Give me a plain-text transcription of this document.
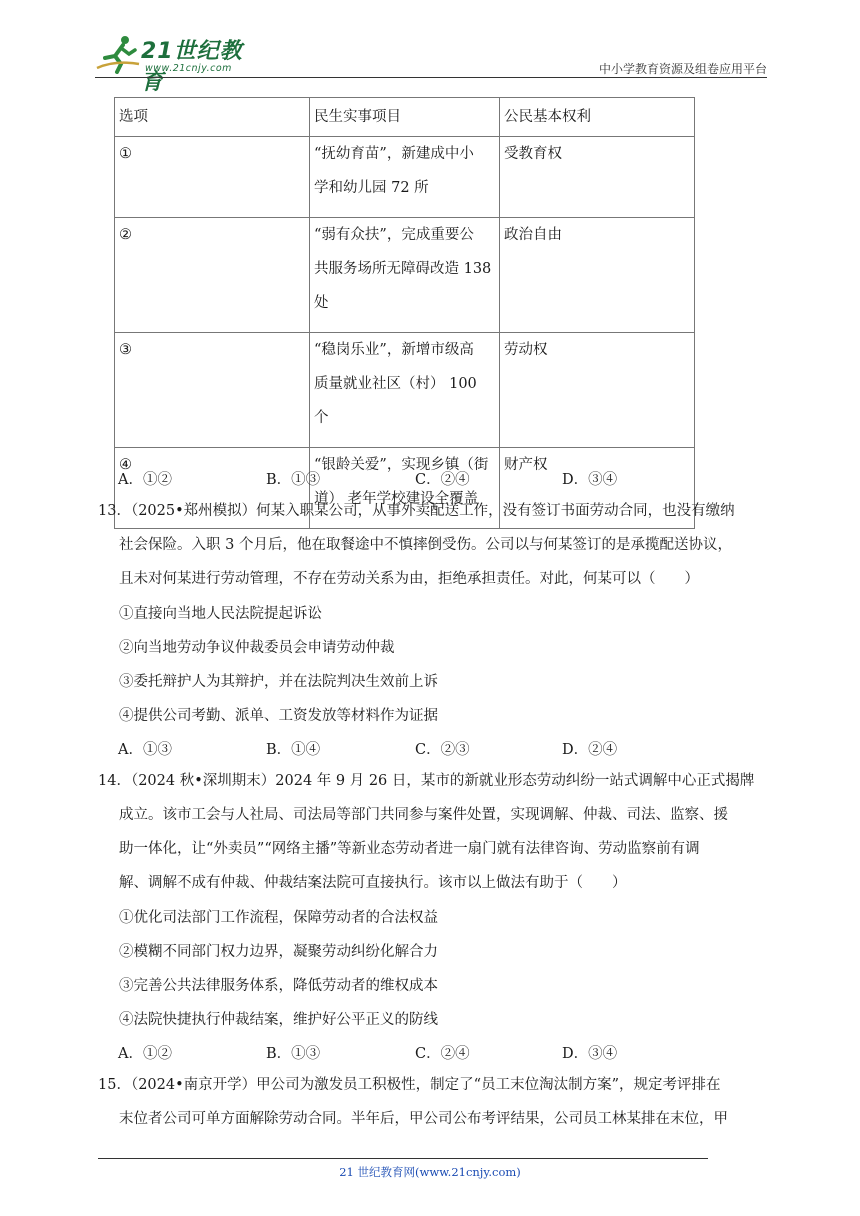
21世纪教育
www.21cnjy.com	中小学教育资源及组卷应用平台
选项	民生实事项目	公民基本权利

①	“抚幼育苗”，新建成中小
学和幼儿园 72 所	受教育权

②	“弱有众扶”，完成重要公
共服务场所无障碍改造 138
处	政治自由

③	“稳岗乐业”，新增市级高
质量就业社区（村） 100 个	劳动权

④	“银龄关爱”，实现乡镇（街
道） 老年学校建设全覆盖	财产权
A．①②	B．①③	C．②④	D．③④

13．（2025•郑州模拟）何某入职某公司，从事外卖配送工作，没有签订书面劳动合同，也没有缴纳

社会保险。入职 3 个月后，他在取餐途中不慎摔倒受伤。公司以与何某签订的是承揽配送协议，

且未对何某进行劳动管理，不存在劳动关系为由，拒绝承担责任。对此，何某可以（　　）

①直接向当地人民法院提起诉讼
②向当地劳动争议仲裁委员会申请劳动仲裁
③委托辩护人为其辩护，并在法院判决生效前上诉
④提供公司考勤、派单、工资发放等材料作为证据
A．①③	B．①④	C．②③	D．②④

14．（2024 秋•深圳期末）2024 年 9 月 26 日，某市的新就业形态劳动纠纷一站式调解中心正式揭牌

成立。该市工会与人社局、司法局等部门共同参与案件处置，实现调解、仲裁、司法、监察、援

助一体化，让“外卖员”“网络主播”等新业态劳动者进一扇门就有法律咨询、劳动监察前有调

解、调解不成有仲裁、仲裁结案法院可直接执行。该市以上做法有助于（　　）

①优化司法部门工作流程，保障劳动者的合法权益
②模糊不同部门权力边界，凝聚劳动纠纷化解合力
③完善公共法律服务体系，降低劳动者的维权成本
④法院快捷执行仲裁结案，维护好公平正义的防线
A．①②	B．①③	C．②④	D．③④

15．（2024•南京开学）甲公司为激发员工积极性，制定了“员工末位淘汰制方案”，规定考评排在

末位者公司可单方面解除劳动合同。半年后，甲公司公布考评结果，公司员工林某排在末位，甲

21 世纪教育网(www.21cnjy.com)
